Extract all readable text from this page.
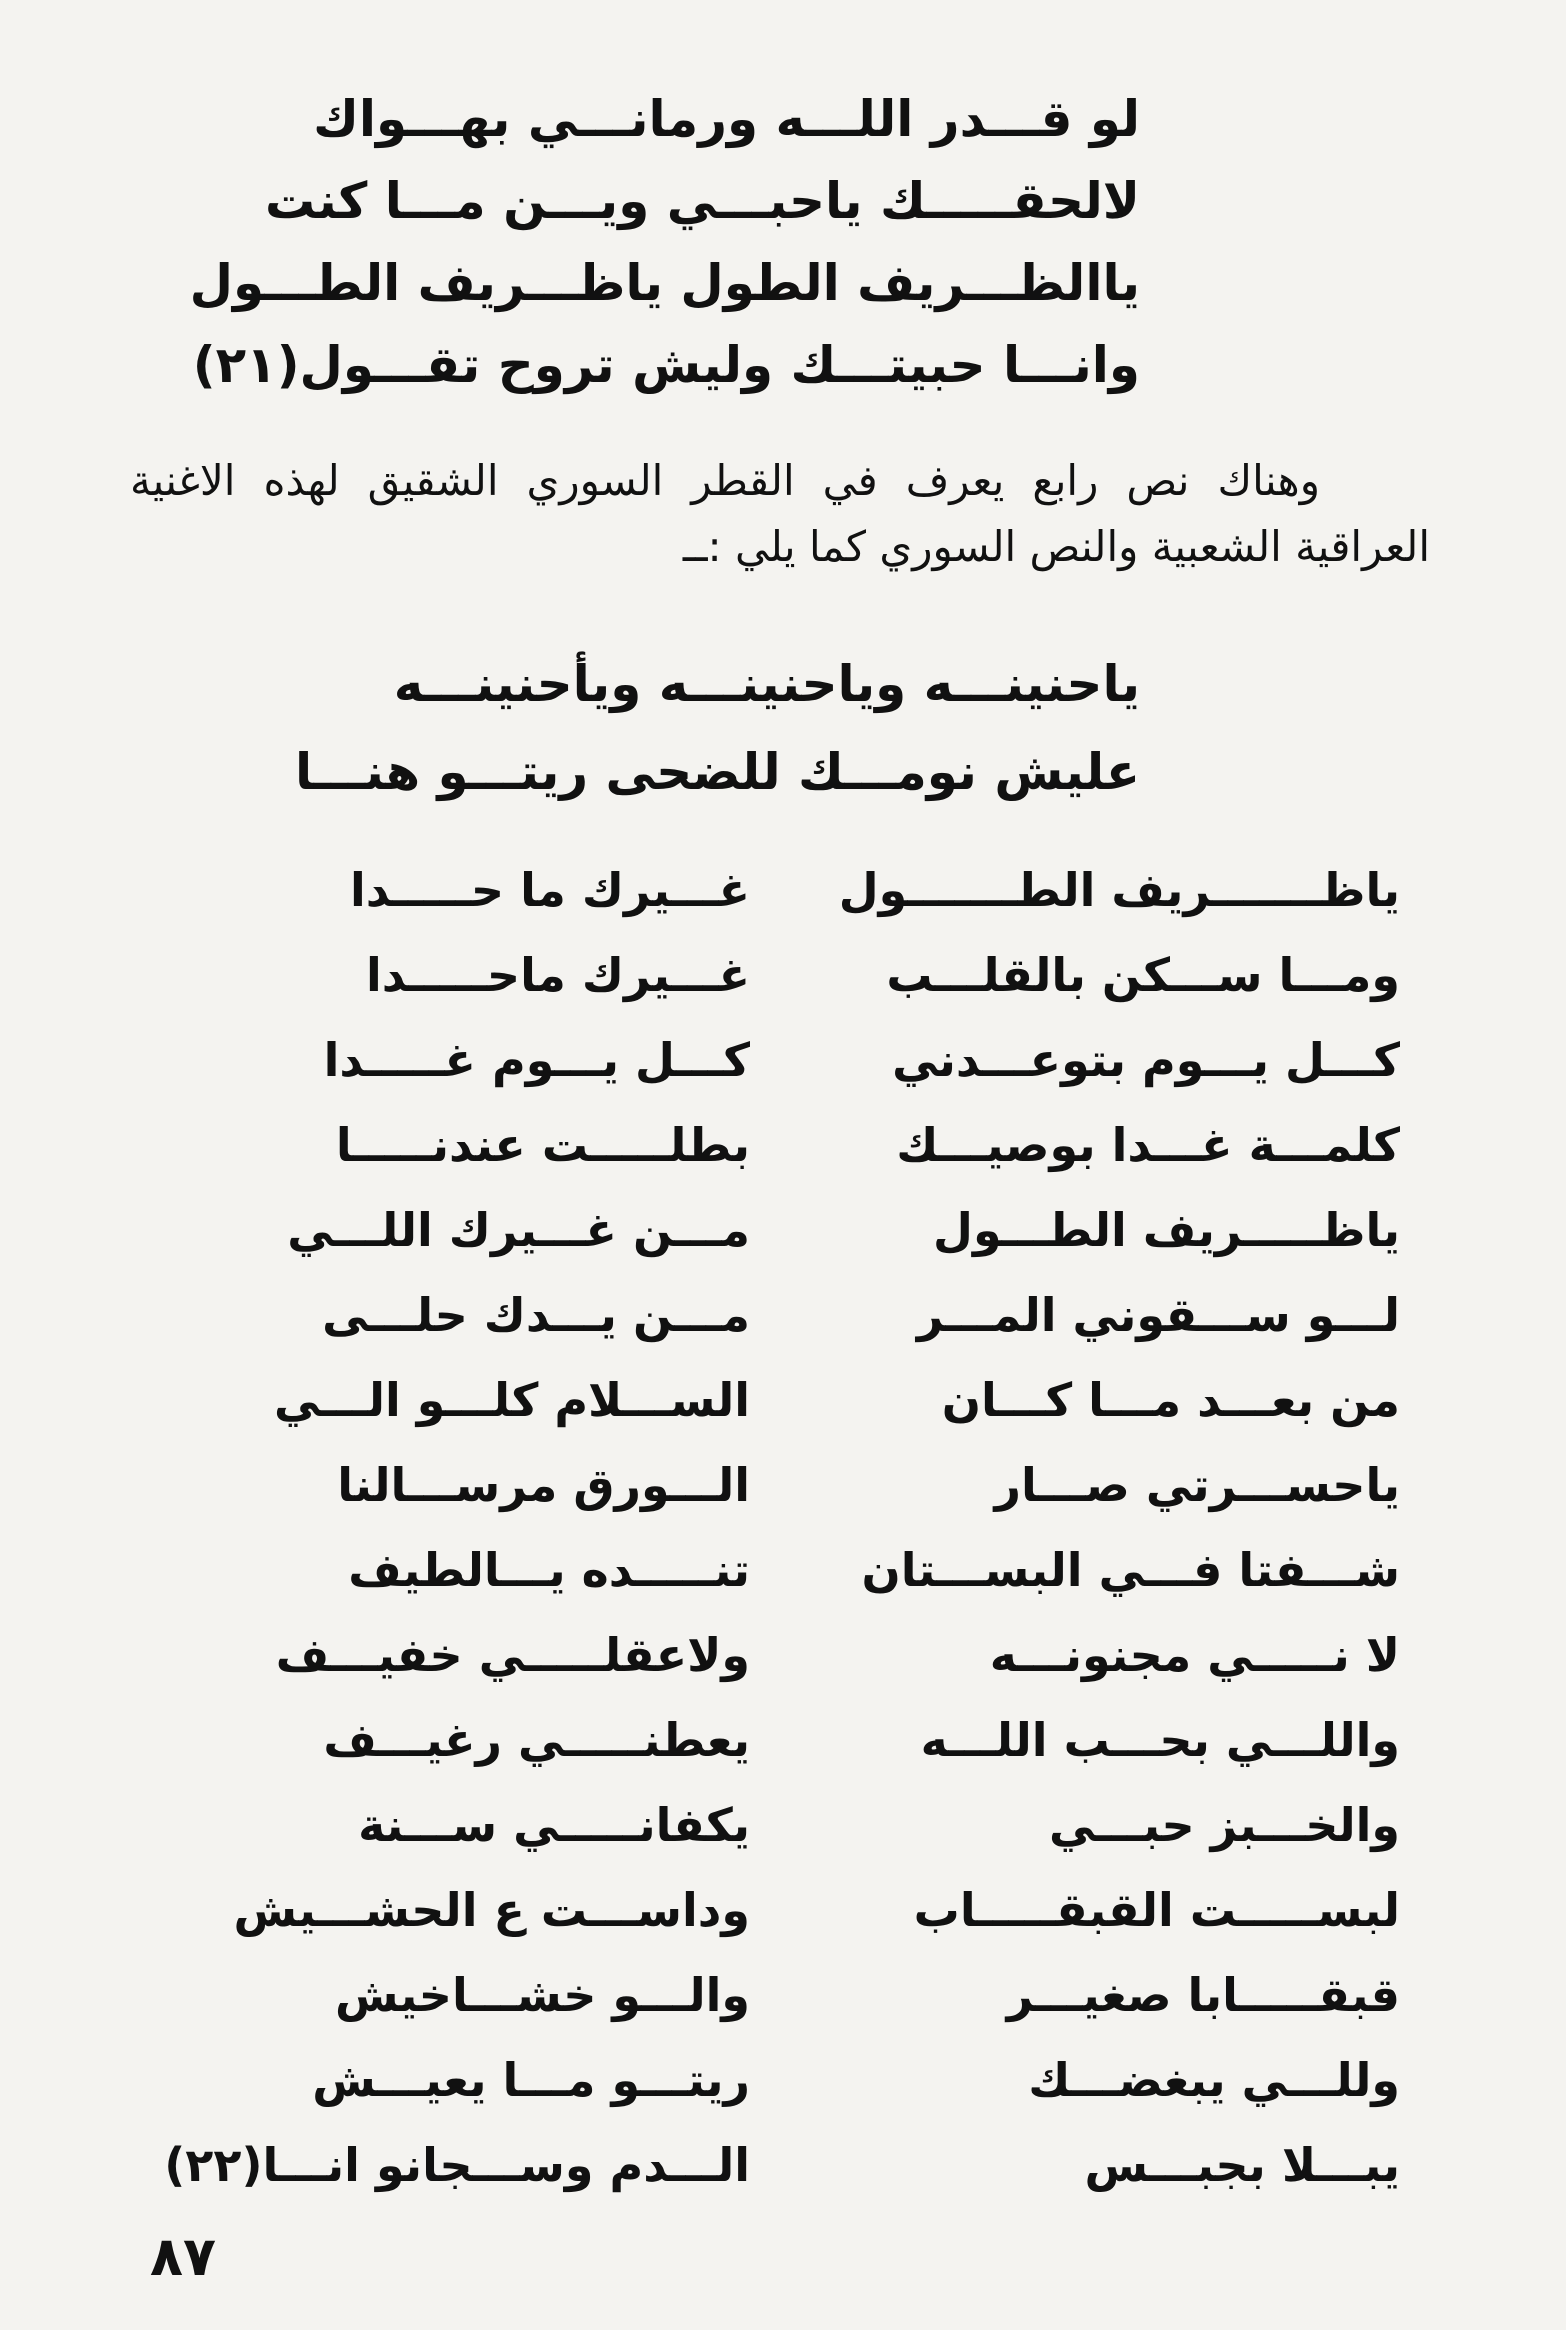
لو قـــدر اللـــه ورمانـــي بهـــواك
لالحقـــــك ياحبـــي ويـــن مـــا كنت
ياالظـــريف الطول ياظـــريف الطـــول
وانـــا حبيتـــك وليش تروح تقـــول(٢١)

وهناك نص رابع يعرف في القطر السوري الشقيق لهذه الاغنية العراقية الشعبية والنص السوري كما يلي :ــ

ياحنينـــه وياحنينـــه ويأحنينـــه
عليش نومـــك للضحى ريتـــو هنـــا
ياظـــــــريف الطـــــــول
ومـــا ســـكن بالقلـــب
كـــل يـــوم بتوعـــدني
كلمـــة غـــدا بوصيـــك
ياظـــــريف الطـــول
لـــو ســـقوني المـــر
من بعـــد مـــا كـــان
ياحســـرتي صـــار
شـــفتا فـــي البســـتان
لا نـــــي مجنونـــه
واللـــي بحـــب اللـــه
والخـــبز حبـــي
لبســـــت القبقـــــاب
قبقـــــابا صغيـــر
وللـــي يبغضـــك
يبـــلا بجبـــس
غـــيرك ما حـــــدا
غـــيرك ماحـــــدا
كـــل يـــوم غـــــدا
بطلـــــت عندنـــــا
مـــن غـــيرك اللـــي
مـــن يـــدك حلـــى
الســـلام كلـــو الـــي
الـــورق مرســـالنا
تنـــــده يـــالطيف
ولاعقلـــــي خفيـــف
يعطنـــــي رغيـــف
يكفانـــــي ســـنة
وداســـت ع الحشـــيش
والـــو خشـــاخيش
ريتـــو مـــا يعيـــش
الـــدم وســـجانو انـــا(٢٢)
٨٧
